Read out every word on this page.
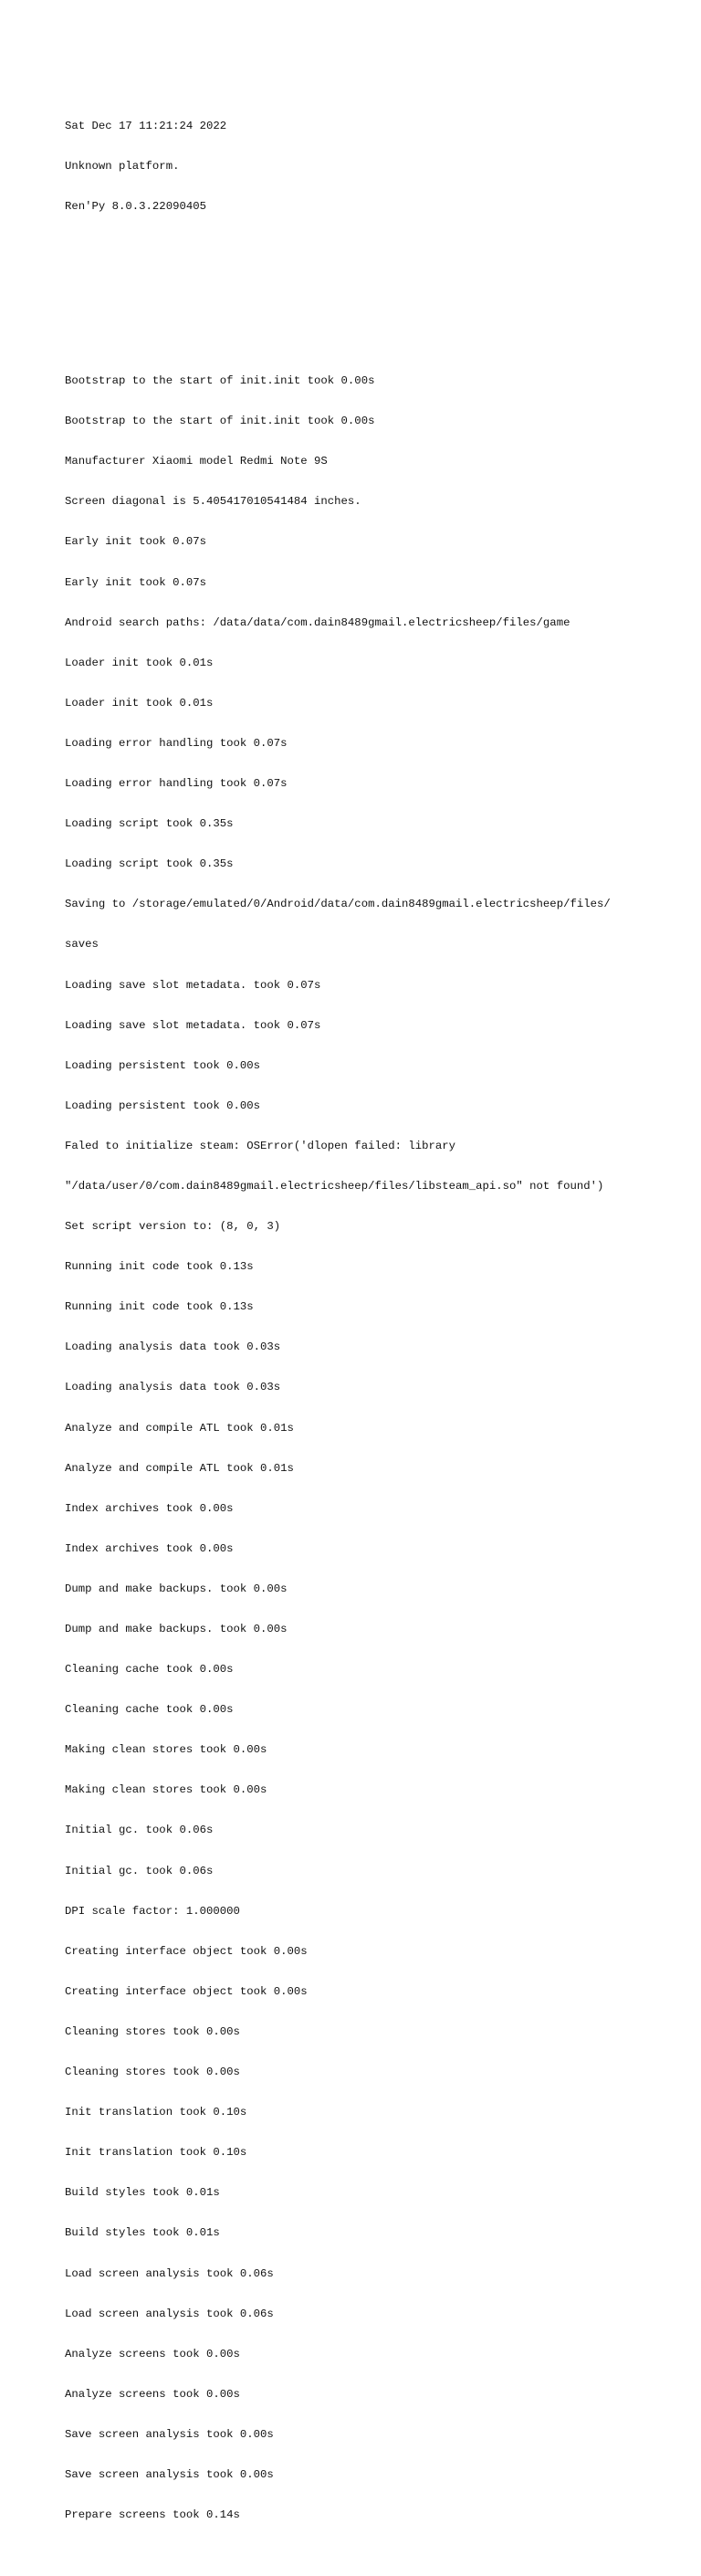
Sat Dec 17 11:21:24 2022

Unknown platform.

Ren'Py 8.0.3.22090405

Bootstrap to the start of init.init took 0.00s

Bootstrap to the start of init.init took 0.00s

Manufacturer Xiaomi model Redmi Note 9S

Screen diagonal is 5.405417010541484 inches.

Early init took 0.07s

Early init took 0.07s

Android search paths: /data/data/com.dain8489gmail.electricsheep/files/game

Loader init took 0.01s

Loader init took 0.01s

Loading error handling took 0.07s

Loading error handling took 0.07s

Loading script took 0.35s

Loading script took 0.35s

Saving to /storage/emulated/0/Android/data/com.dain8489gmail.electricsheep/files/

saves

Loading save slot metadata. took 0.07s

Loading save slot metadata. took 0.07s

Loading persistent took 0.00s

Loading persistent took 0.00s

Faled to initialize steam: OSError('dlopen failed: library

"/data/user/0/com.dain8489gmail.electricsheep/files/libsteam_api.so" not found')

Set script version to: (8, 0, 3)

Running init code took 0.13s

Running init code took 0.13s

Loading analysis data took 0.03s

Loading analysis data took 0.03s

Analyze and compile ATL took 0.01s

Analyze and compile ATL took 0.01s

Index archives took 0.00s

Index archives took 0.00s

Dump and make backups. took 0.00s

Dump and make backups. took 0.00s

Cleaning cache took 0.00s

Cleaning cache took 0.00s

Making clean stores took 0.00s

Making clean stores took 0.00s

Initial gc. took 0.06s

Initial gc. took 0.06s

DPI scale factor: 1.000000

Creating interface object took 0.00s

Creating interface object took 0.00s

Cleaning stores took 0.00s

Cleaning stores took 0.00s

Init translation took 0.10s

Init translation took 0.10s

Build styles took 0.01s

Build styles took 0.01s

Load screen analysis took 0.06s

Load screen analysis took 0.06s

Analyze screens took 0.00s

Analyze screens took 0.00s

Save screen analysis took 0.00s

Save screen analysis took 0.00s

Prepare screens took 0.14s
